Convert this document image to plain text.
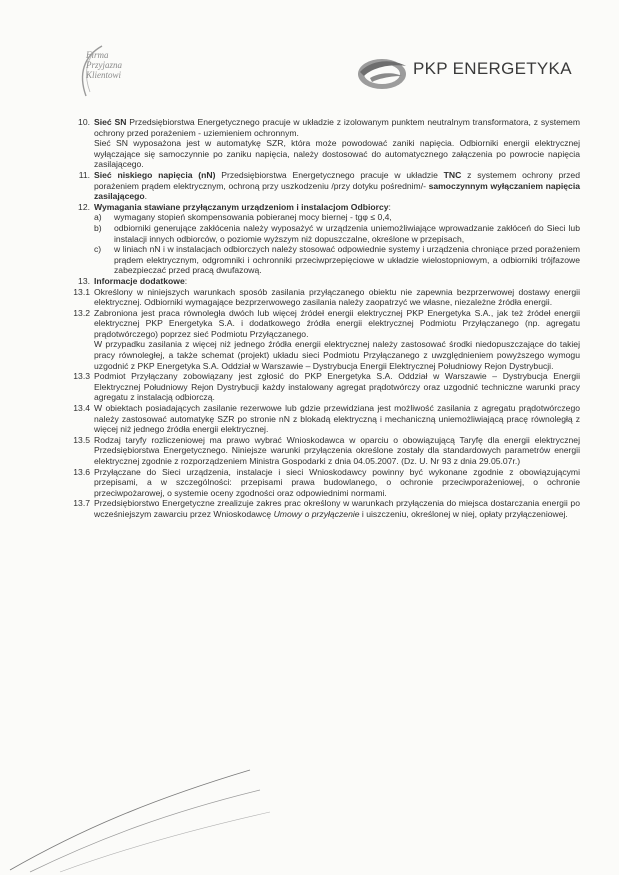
Firma
Przyjazna
Klientowi	PKP ENERGETYKA
10. Sieć SN Przedsiębiorstwa Energetycznego pracuje w układzie z izolowanym punktem neutralnym transformatora, z systemem ochrony przed porażeniem - uziemieniem ochronnym.

Sieć SN wyposażona jest w automatykę SZR, która może powodować zaniki napięcia. Odbiorniki energii elektrycznej wyłączające się samoczynnie po zaniku napięcia, należy dostosować do automatycznego załączenia po powrocie napięcia zasilającego.

11. Sieć niskiego napięcia (nN) Przedsiębiorstwa Energetycznego pracuje w układzie TNC z systemem ochrony przed porażeniem prądem elektrycznym, ochroną przy uszkodzeniu /przy dotyku pośrednim/- samoczynnym wyłączaniem napięcia zasilającego.

12. Wymagania stawiane przyłączanym urządzeniom i instalacjom Odbiorcy:

a) wymagany stopień skompensowania pobieranej mocy biernej - tgφ ≤ 0,4,

b) odbiorniki generujące zakłócenia należy wyposażyć w urządzenia uniemożliwiające wprowadzanie zakłóceń do Sieci lub instalacji innych odbiorców, o poziomie wyższym niż dopuszczalne, określone w przepisach,

c) w liniach nN i w instalacjach odbiorczych należy stosować odpowiednie systemy i urządzenia chroniące przed porażeniem prądem elektrycznym, odgromniki i ochronniki przeciwprzepięciowe w układzie wielostopniowym, a odbiorniki trójfazowe zabezpieczać przed pracą dwufazową.

13. Informacje dodatkowe:

13.1 Określony w niniejszych warunkach sposób zasilania przyłączanego obiektu nie zapewnia bezprzerwowej dostawy energii elektrycznej. Odbiorniki wymagające bezprzerwowego zasilania należy zaopatrzyć we własne, niezależne źródła energii.

13.2 Zabroniona jest praca równoległa dwóch lub więcej źródeł energii elektrycznej PKP Energetyka S.A., jak też źródeł energii elektrycznej PKP Energetyka S.A. i dodatkowego źródła energii elektrycznej Podmiotu Przyłączanego (np. agregatu prądotwórczego) poprzez sieć Podmiotu Przyłączanego.

W przypadku zasilania z więcej niż jednego źródła energii elektrycznej należy zastosować środki niedopuszczające do takiej pracy równoległej, a także schemat (projekt) układu sieci Podmiotu Przyłączanego z uwzględnieniem powyższego wymogu uzgodnić z PKP Energetyka S.A. Oddział w Warszawie – Dystrybucja Energii Elektrycznej Południowy Rejon Dystrybucji.

13.3 Podmiot Przyłączany zobowiązany jest zgłosić do PKP Energetyka S.A. Oddział w Warszawie – Dystrybucja Energii Elektrycznej Południowy Rejon Dystrybucji każdy instalowany agregat prądotwórczy oraz uzgodnić techniczne warunki pracy agregatu z instalacją odbiorczą.

13.4 W obiektach posiadających zasilanie rezerwowe lub gdzie przewidziana jest możliwość zasilania z agregatu prądotwórczego należy zastosować automatykę SZR po stronie nN z blokadą elektryczną i mechaniczną uniemożliwiającą pracę równoległą z więcej niż jednego źródła energii elektrycznej.

13.5 Rodzaj taryfy rozliczeniowej ma prawo wybrać Wnioskodawca w oparciu o obowiązującą Taryfę dla energii elektrycznej Przedsiębiorstwa Energetycznego. Niniejsze warunki przyłączenia określone zostały dla standardowych parametrów energii elektrycznej zgodnie z rozporządzeniem Ministra Gospodarki z dnia 04.05.2007. (Dz. U. Nr 93 z dnia 29.05.07r.)

13.6 Przyłączane do Sieci urządzenia, instalacje i sieci Wnioskodawcy powinny być wykonane zgodnie z obowiązującymi przepisami, a w szczególności: przepisami prawa budowlanego, o ochronie przeciwporażeniowej, o ochronie przeciwpożarowej, o systemie oceny zgodności oraz odpowiednimi normami.

13.7 Przedsiębiorstwo Energetyczne zrealizuje zakres prac określony w warunkach przyłączenia do miejsca dostarczania energii po wcześniejszym zawarciu przez Wnioskodawcę Umowy o przyłączenie i uiszczeniu, określonej w niej, opłaty przyłączeniowej.
